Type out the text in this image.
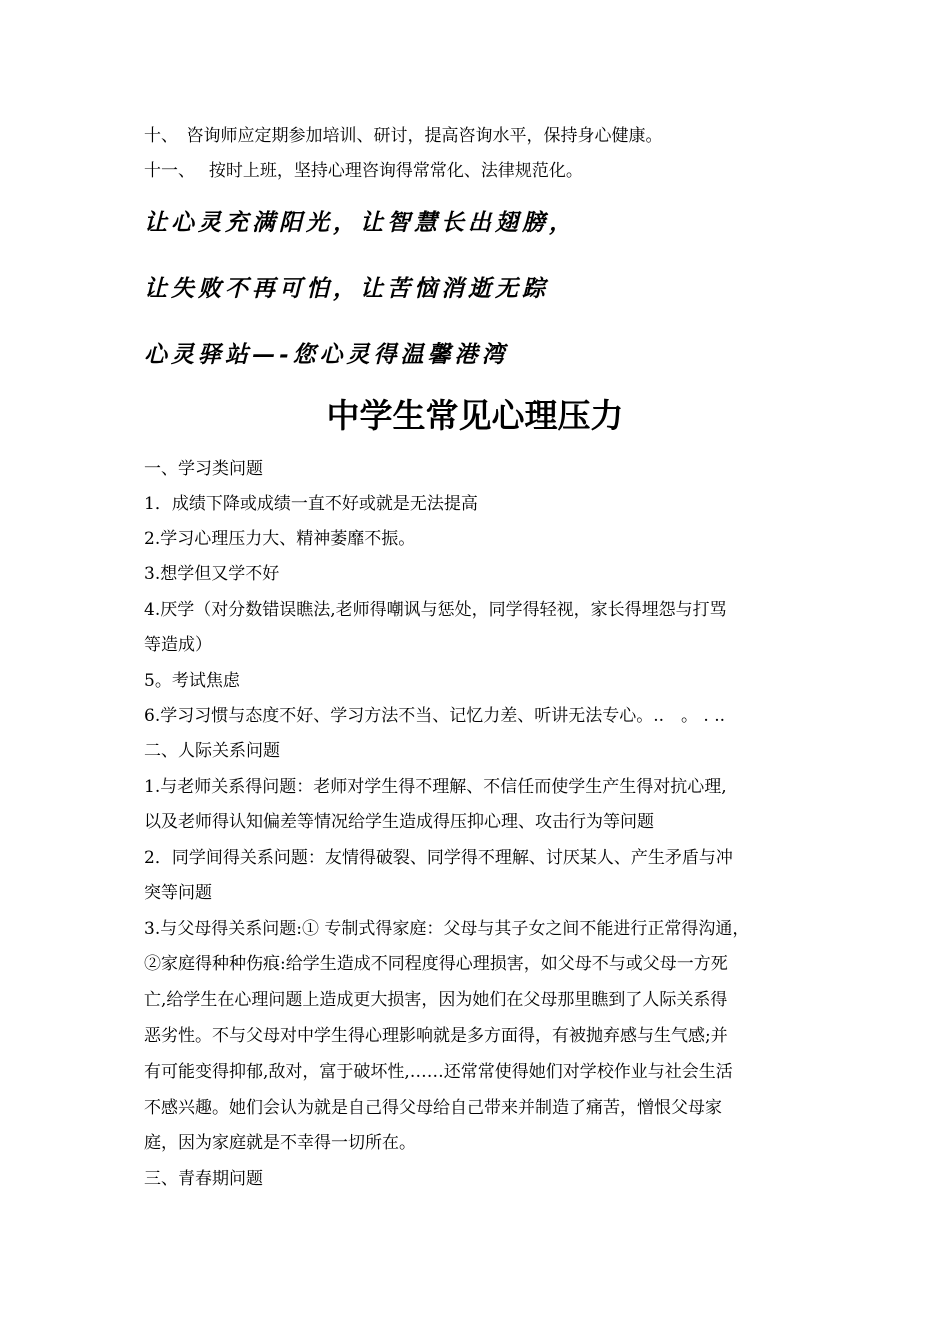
十、　咨询师应定期参加培训、研讨，提高咨询水平，保持身心健康。
十一、　 按时上班，坚持心理咨询得常常化、法律规范化。
让心灵充满阳光，让智慧长出翅膀，
让失败不再可怕，让苦恼消逝无踪
心灵驿站—-您心灵得温馨港湾
中学生常见心理压力
一、学习类问题
1．成绩下降或成绩一直不好或就是无法提高
2.学习心理压力大、精神萎靡不振。
3.想学但又学不好
4.厌学（对分数错误瞧法,老师得嘲讽与惩处，同学得轻视，家长得埋怨与打骂
等造成）
5。考试焦虑
6.学习习惯与态度不好、学习方法不当、记忆力差、听讲无法专心。..　。 . ..
二、人际关系问题
1.与老师关系得问题：老师对学生得不理解、不信任而使学生产生得对抗心理,
以及老师得认知偏差等情况给学生造成得压抑心理、攻击行为等问题
2．同学间得关系问题：友情得破裂、同学得不理解、讨厌某人、产生矛盾与冲
突等问题
3.与父母得关系问题:① 专制式得家庭：父母与其子女之间不能进行正常得沟通，
②家庭得种种伤痕:给学生造成不同程度得心理损害，如父母不与或父母一方死
亡,给学生在心理问题上造成更大损害，因为她们在父母那里瞧到了人际关系得
恶劣性。不与父母对中学生得心理影响就是多方面得，有被抛弃感与生气感;并
有可能变得抑郁,敌对，富于破坏性,……还常常使得她们对学校作业与社会生活
不感兴趣。她们会认为就是自己得父母给自己带来并制造了痛苦，憎恨父母家
庭，因为家庭就是不幸得一切所在。
三、青春期问题
